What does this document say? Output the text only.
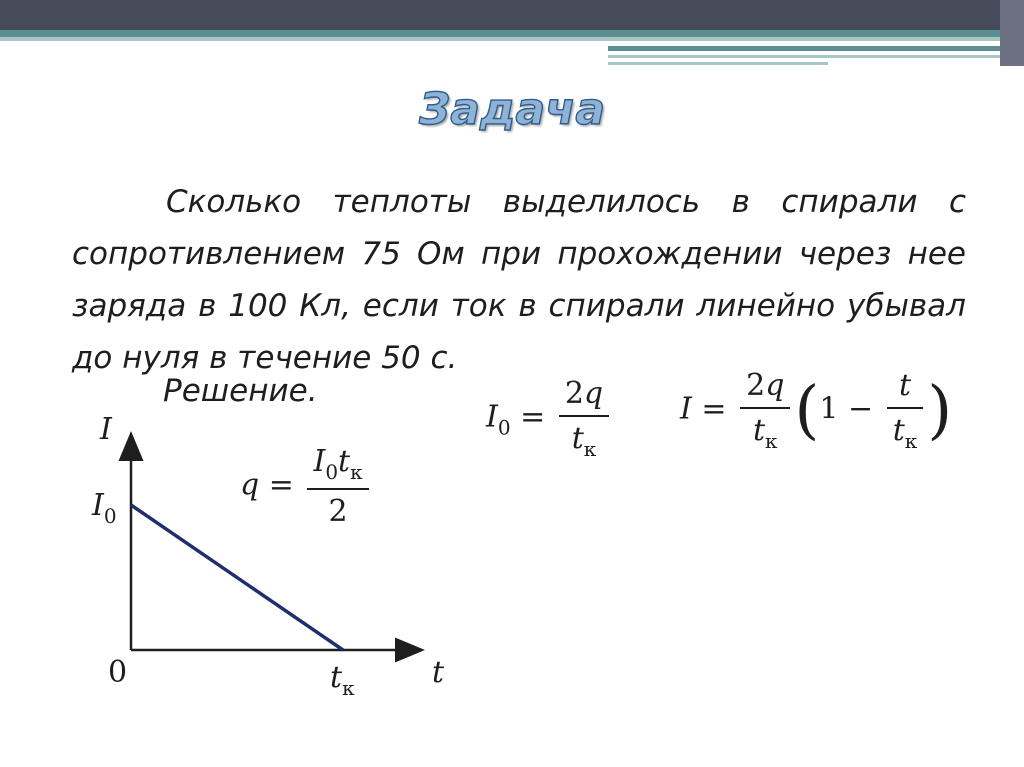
Задача
Сколько теплоты выделилось в спирали с сопротивлением 75 Ом при прохождении через нее заряда в 100 Кл, если ток в спирали линейно убывал до нуля в течение 50 с.
Решение.
$I_0 = \frac{2q}{t_к}$ $I = \frac{2q}{t_к} (1 - \frac{t}{t_к}$ )
$q = \frac{I_0t_к}{2}$
I
$I_0$
0	t
$t_к$
